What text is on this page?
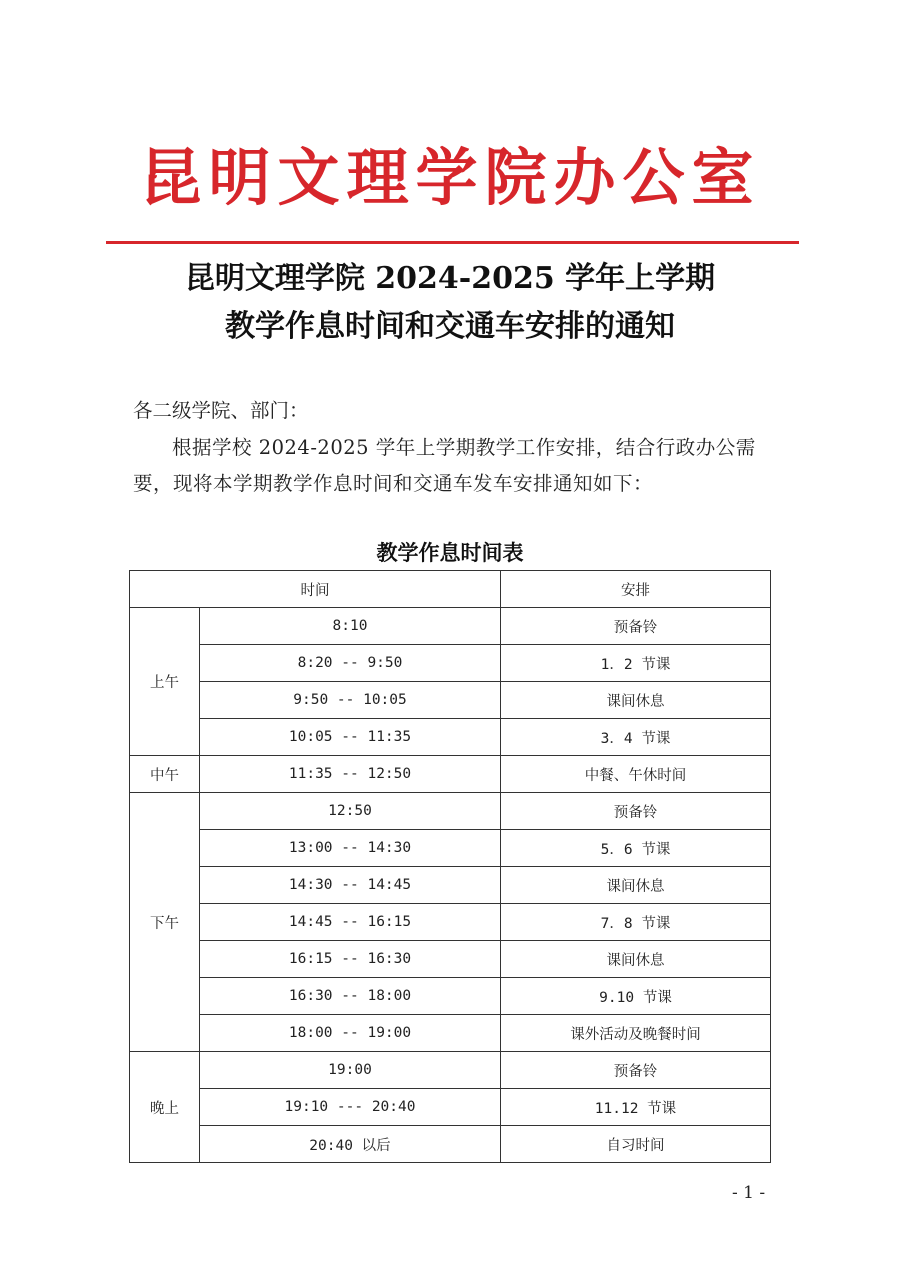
昆明文理学院办公室
昆明文理学院 2024-2025 学年上学期
教学作息时间和交通车安排的通知
各二级学院、部门：
根据学校 2024-2025 学年上学期教学工作安排，结合行政办公需要，现将本学期教学作息时间和交通车发车安排通知如下：
教学作息时间表
时间		安排
上午	8:10	预备铃
	8:20 -- 9:50	1．2 节课
	9:50 -- 10:05	课间休息
	10:05 -- 11:35	3．4 节课
中午	11:35 -- 12:50	中餐、午休时间
下午	12:50	预备铃
	13:00 -- 14:30	5．6 节课
	14:30 -- 14:45	课间休息
	14:45 -- 16:15	7．8 节课
	16:15 -- 16:30	课间休息
	16:30 -- 18:00	9.10 节课
	18:00 -- 19:00	课外活动及晚餐时间
晚上	19:00	预备铃
	19:10 --- 20:40	11.12 节课
	20:40 以后	自习时间
- 1 -
